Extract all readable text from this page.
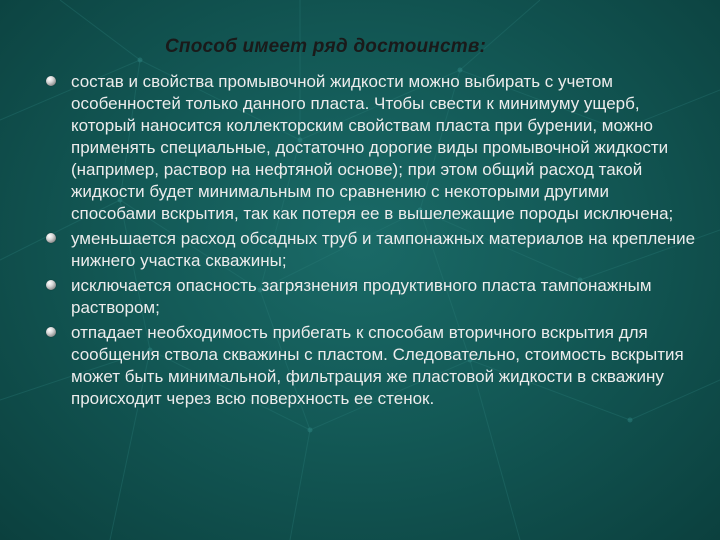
Способ имеет ряд достоинств:
состав и свойства промывочной жидкости можно выбирать с учетом особенностей только данного пласта. Чтобы свести к минимуму ущерб, который наносится коллекторским свойствам пласта при бурении, можно применять специальные, достаточно дорогие виды промывочной жидкости (например, раствор на нефтяной основе); при этом общий расход такой жидкости будет минимальным по сравнению с некоторыми другими способами вскрытия, так как потеря ее в вышележащие породы исключена;
уменьшается расход обсадных труб и тампонажных материалов на крепление нижнего участка скважины;
исключается опасность загрязнения продуктивного пласта тампонажным раствором;
отпадает необходимость прибегать к способам вторичного вскрытия для сообщения ствола скважины с пластом. Следовательно, стоимость вскрытия может быть минимальной, фильтрация же пластовой жидкости в скважину происходит через всю поверхность ее стенок.
